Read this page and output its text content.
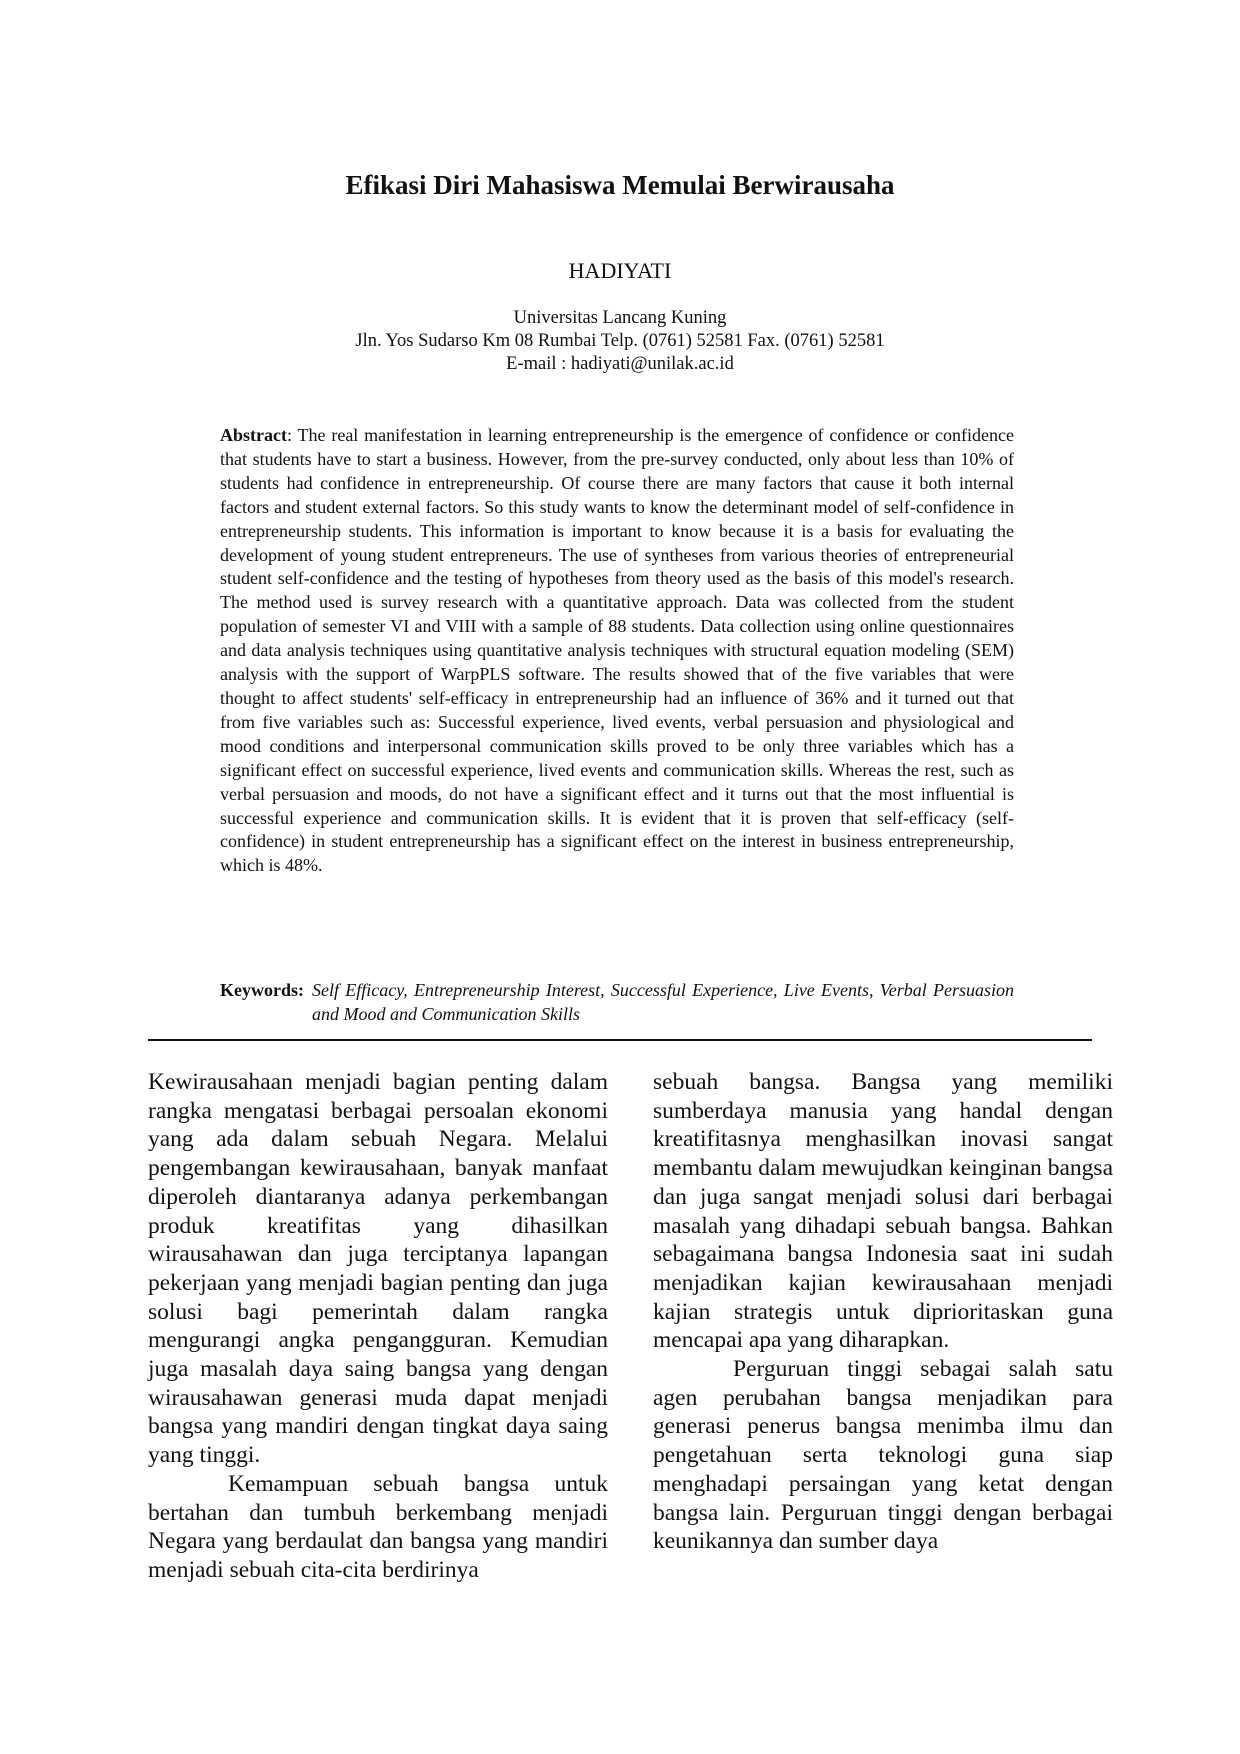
Efikasi Diri Mahasiswa Memulai Berwirausaha
HADIYATI
Universitas Lancang Kuning
Jln. Yos Sudarso Km 08 Rumbai Telp. (0761) 52581 Fax. (0761) 52581
E-mail : hadiyati@unilak.ac.id

Abstract: The real manifestation in learning entrepreneurship is the emergence of confidence or confidence that students have to start a business. However, from the pre-survey conducted, only about less than 10% of students had confidence in entrepreneurship. Of course there are many factors that cause it both internal factors and student external factors. So this study wants to know the determinant model of self-confidence in entrepreneurship students. This information is important to know because it is a basis for evaluating the development of young student entrepreneurs. The use of syntheses from various theories of entrepreneurial student self-confidence and the testing of hypotheses from theory used as the basis of this model's research. The method used is survey research with a quantitative approach. Data was collected from the student population of semester VI and VIII with a sample of 88 students. Data collection using online questionnaires and data analysis techniques using quantitative analysis techniques with structural equation modeling (SEM) analysis with the support of WarpPLS software. The results showed that of the five variables that were thought to affect students' self-efficacy in entrepreneurship had an influence of 36% and it turned out that from five variables such as: Successful experience, lived events, verbal persuasion and physiological and mood conditions and interpersonal communication skills proved to be only three variables which has a significant effect on successful experience, lived events and communication skills. Whereas the rest, such as verbal persuasion and moods, do not have a significant effect and it turns out that the most influential is successful experience and communication skills. It is evident that it is proven that self-efficacy (self-confidence) in student entrepreneurship has a significant effect on the interest in business entrepreneurship, which is 48%.

Keywords: Self Efficacy, Entrepreneurship Interest, Successful Experience, Live Events, Verbal Persuasion and Mood and Communication Skills

Kewirausahaan menjadi bagian penting dalam rangka mengatasi berbagai persoalan ekonomi yang ada dalam sebuah Negara. Melalui pengembangan kewirausahaan, banyak manfaat diperoleh diantaranya adanya perkembangan produk kreatifitas yang dihasilkan wirausahawan dan juga terciptanya lapangan pekerjaan yang menjadi bagian penting dan juga solusi bagi pemerintah dalam rangka mengurangi angka pengangguran. Kemudian juga masalah daya saing bangsa yang dengan wirausahawan generasi muda dapat menjadi bangsa yang mandiri dengan tingkat daya saing yang tinggi.

Kemampuan sebuah bangsa untuk bertahan dan tumbuh berkembang menjadi Negara yang berdaulat dan bangsa yang mandiri menjadi sebuah cita-cita berdirinya

sebuah bangsa. Bangsa yang memiliki sumberdaya manusia yang handal dengan kreatifitasnya menghasilkan inovasi sangat membantu dalam mewujudkan keinginan bangsa dan juga sangat menjadi solusi dari berbagai masalah yang dihadapi sebuah bangsa. Bahkan sebagaimana bangsa Indonesia saat ini sudah menjadikan kajian kewirausahaan menjadi kajian strategis untuk diprioritaskan guna mencapai apa yang diharapkan.

Perguruan tinggi sebagai salah satu agen perubahan bangsa menjadikan para generasi penerus bangsa menimba ilmu dan pengetahuan serta teknologi guna siap menghadapi persaingan yang ketat dengan bangsa lain. Perguruan tinggi dengan berbagai keunikannya dan sumber daya
